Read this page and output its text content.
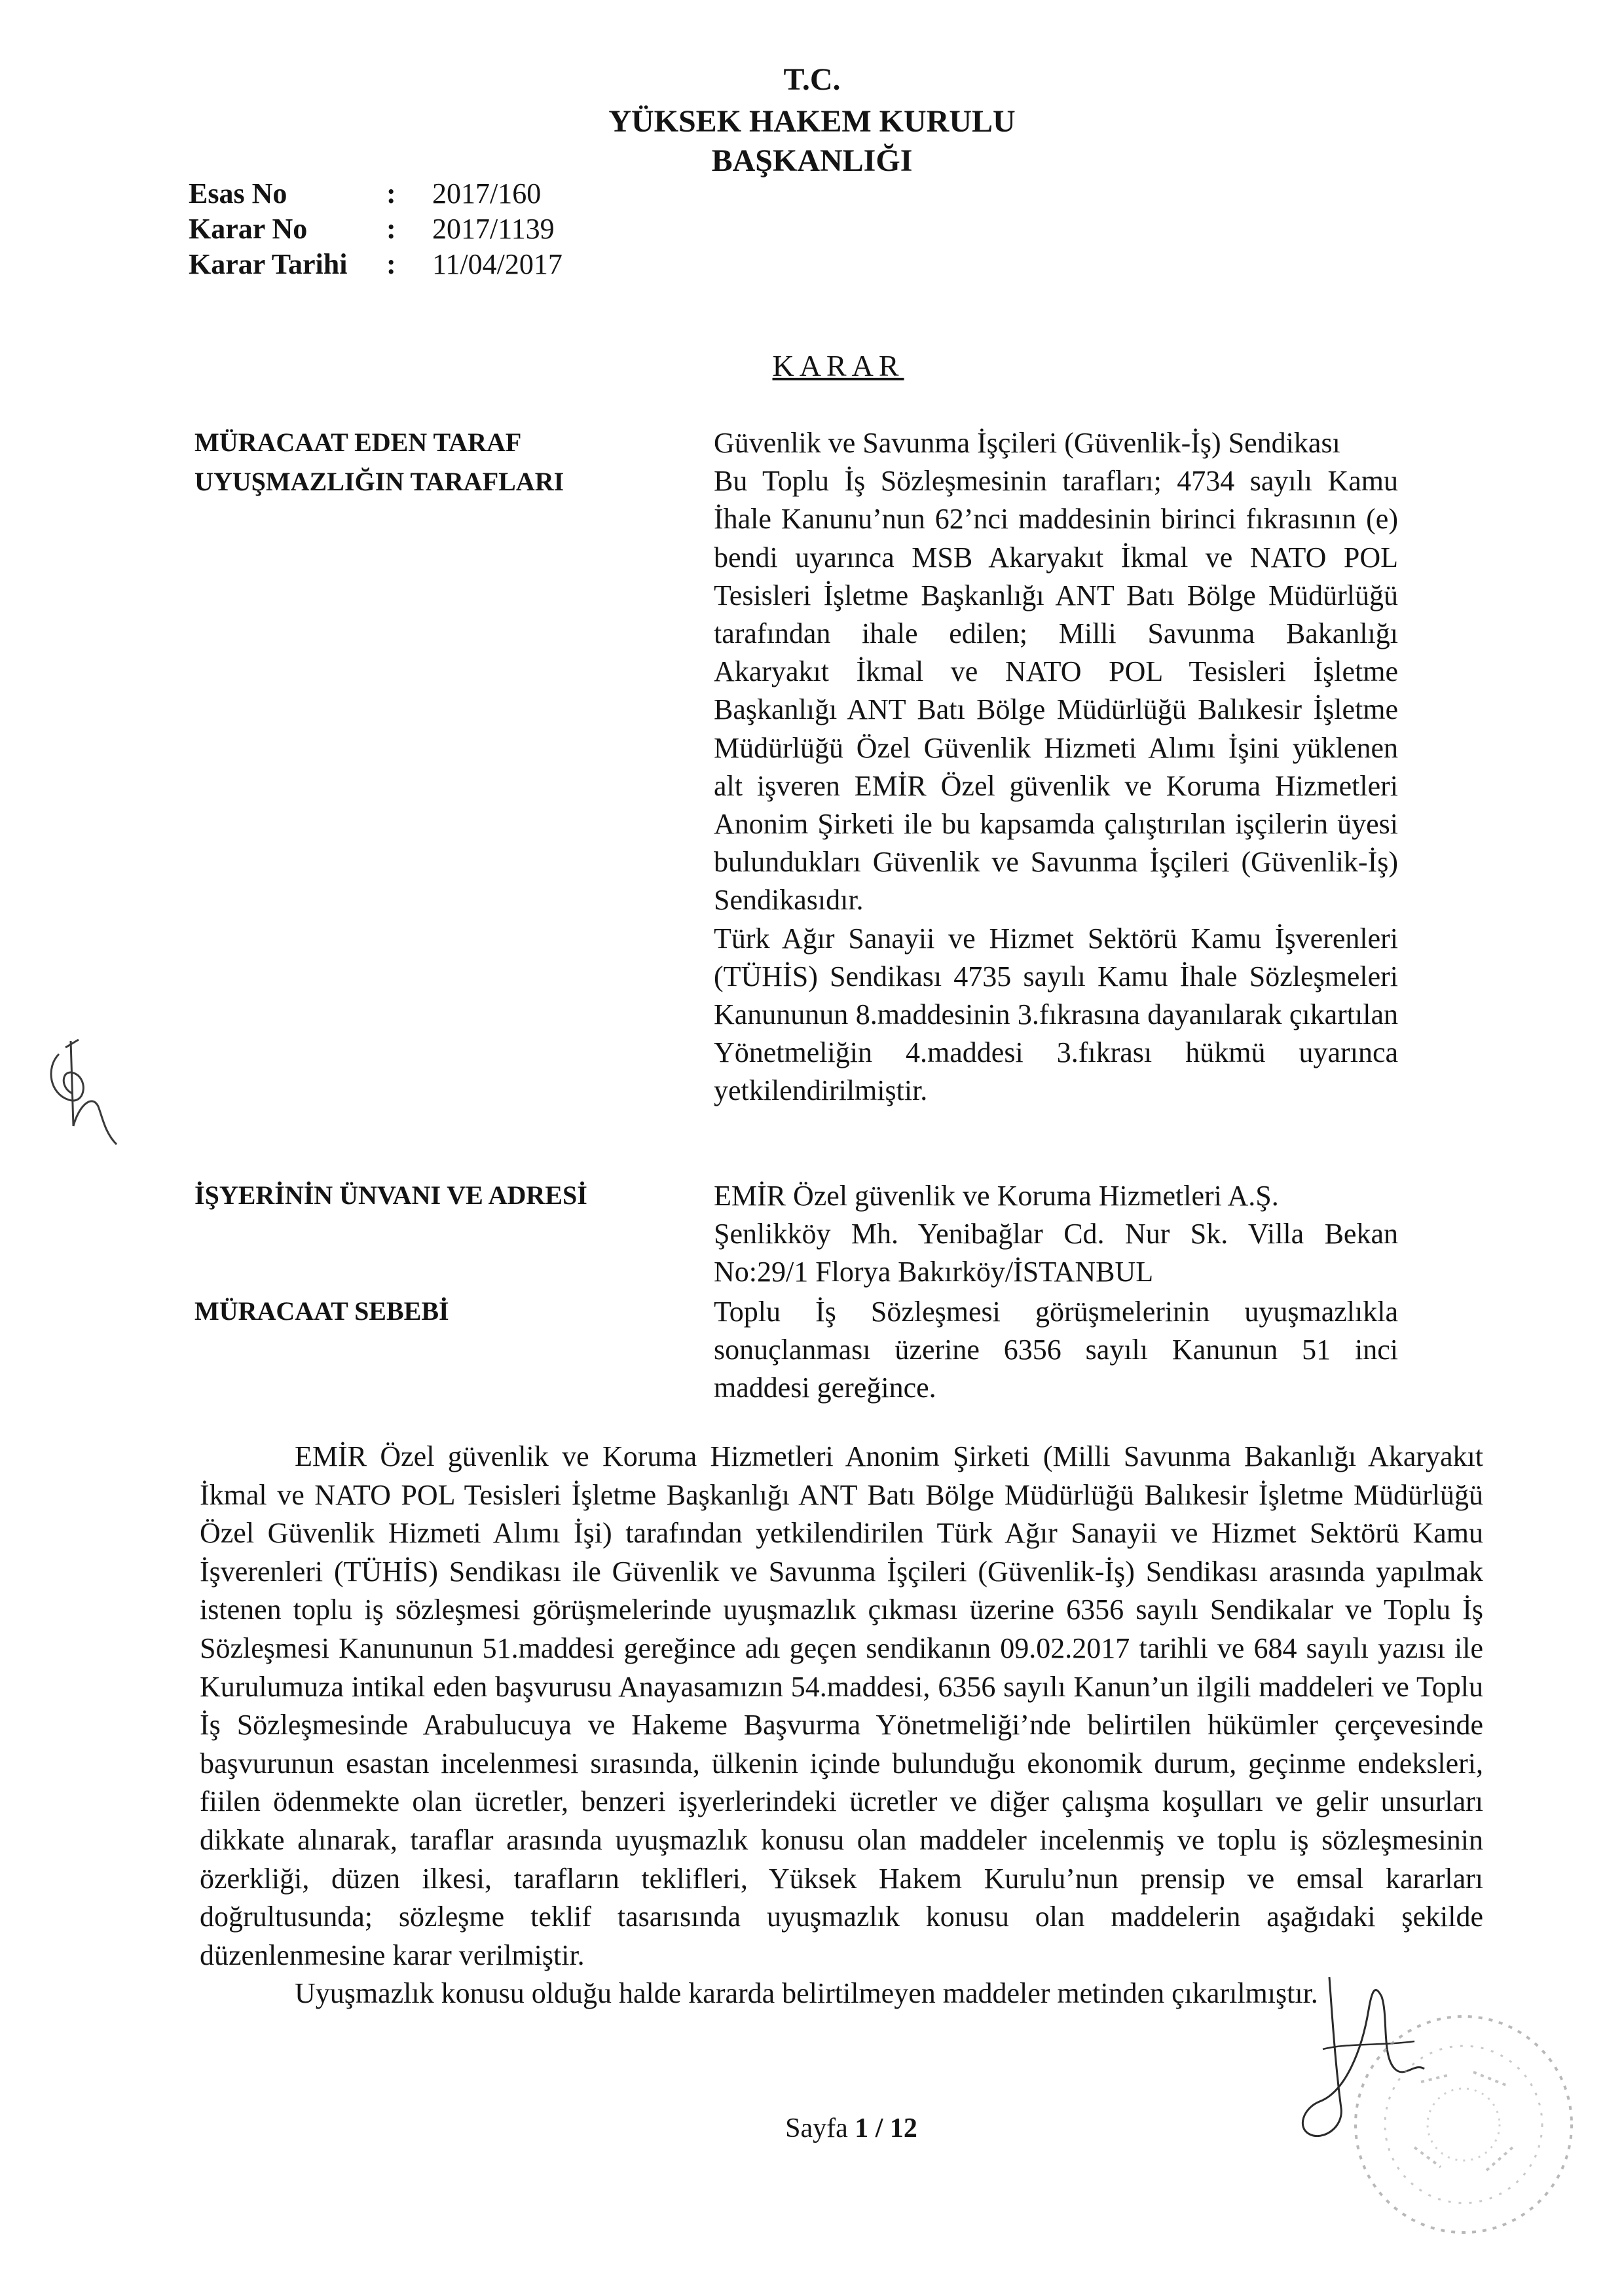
T.C.
YÜKSEK HAKEM KURULU
BAŞKANLIĞI
Esas No	: 2017/160
Karar No	: 2017/1139
Karar Tarihi : 11/04/2017
KARAR
MÜRACAAT EDEN TARAF
UYUŞMAZLIĞIN TARAFLARI
İŞYERİNİN ÜNVANI VE ADRESİ
MÜRACAAT SEBEBİ

Güvenlik ve Savunma İşçileri (Güvenlik-İş) Sendikası

Bu Toplu İş Sözleşmesinin tarafları; 4734 sayılı Kamu İhale Kanunu’nun 62’nci maddesinin birinci fıkrasının (e) bendi uyarınca MSB Akaryakıt İkmal ve NATO POL Tesisleri İşletme Başkanlığı ANT Batı Bölge Müdürlüğü tarafından ihale edilen; Milli Savunma Bakanlığı Akaryakıt İkmal ve NATO POL Tesisleri İşletme Başkanlığı ANT Batı Bölge Müdürlüğü Balıkesir İşletme Müdürlüğü Özel Güvenlik Hizmeti Alımı İşini yüklenen alt işveren EMİR Özel güvenlik ve Koruma Hizmetleri Anonim Şirketi ile bu kapsamda çalıştırılan işçilerin üyesi bulundukları Güvenlik ve Savunma İşçileri (Güvenlik-İş) Sendikasıdır.

Türk Ağır Sanayii ve Hizmet Sektörü Kamu İşverenleri (TÜHİS) Sendikası 4735 sayılı Kamu İhale Sözleşmeleri Kanununun 8.maddesinin 3.fıkrasına dayanılarak çıkartılan Yönetmeliğin 4.maddesi 3.fıkrası hükmü uyarınca yetkilendirilmiştir.

EMİR Özel güvenlik ve Koruma Hizmetleri A.Ş.

Şenlikköy Mh. Yenibağlar Cd. Nur Sk. Villa Bekan No:29/1 Florya Bakırköy/İSTANBUL

Toplu İş Sözleşmesi görüşmelerinin uyuşmazlıkla sonuçlanması üzerine 6356 sayılı Kanunun 51 inci maddesi gereğince.

EMİR Özel güvenlik ve Koruma Hizmetleri Anonim Şirketi (Milli Savunma Bakanlığı Akaryakıt İkmal ve NATO POL Tesisleri İşletme Başkanlığı ANT Batı Bölge Müdürlüğü Balıkesir İşletme Müdürlüğü Özel Güvenlik Hizmeti Alımı İşi) tarafından yetkilendirilen Türk Ağır Sanayii ve Hizmet Sektörü Kamu İşverenleri (TÜHİS) Sendikası ile Güvenlik ve Savunma İşçileri (Güvenlik-İş) Sendikası arasında yapılmak istenen toplu iş sözleşmesi görüşmelerinde uyuşmazlık çıkması üzerine 6356 sayılı Sendikalar ve Toplu İş Sözleşmesi Kanununun 51.maddesi gereğince adı geçen sendikanın 09.02.2017 tarihli ve 684 sayılı yazısı ile Kurulumuza intikal eden başvurusu Anayasamızın 54.maddesi, 6356 sayılı Kanun’un ilgili maddeleri ve Toplu İş Sözleşmesinde Arabulucuya ve Hakeme Başvurma Yönetmeliği’nde belirtilen hükümler çerçevesinde başvurunun esastan incelenmesi sırasında, ülkenin içinde bulunduğu ekonomik durum, geçinme endeksleri, fiilen ödenmekte olan ücretler, benzeri işyerlerindeki ücretler ve diğer çalışma koşulları ve gelir unsurları dikkate alınarak, taraflar arasında uyuşmazlık konusu olan maddeler incelenmiş ve toplu iş sözleşmesinin özerkliği, düzen ilkesi, tarafların teklifleri, Yüksek Hakem Kurulu’nun prensip ve emsal kararları doğrultusunda; sözleşme teklif tasarısında uyuşmazlık konusu olan maddelerin aşağıdaki şekilde düzenlenmesine karar verilmiştir.

Uyuşmazlık konusu olduğu halde kararda belirtilmeyen maddeler metinden çıkarılmıştır.

Sayfa 1 / 12
